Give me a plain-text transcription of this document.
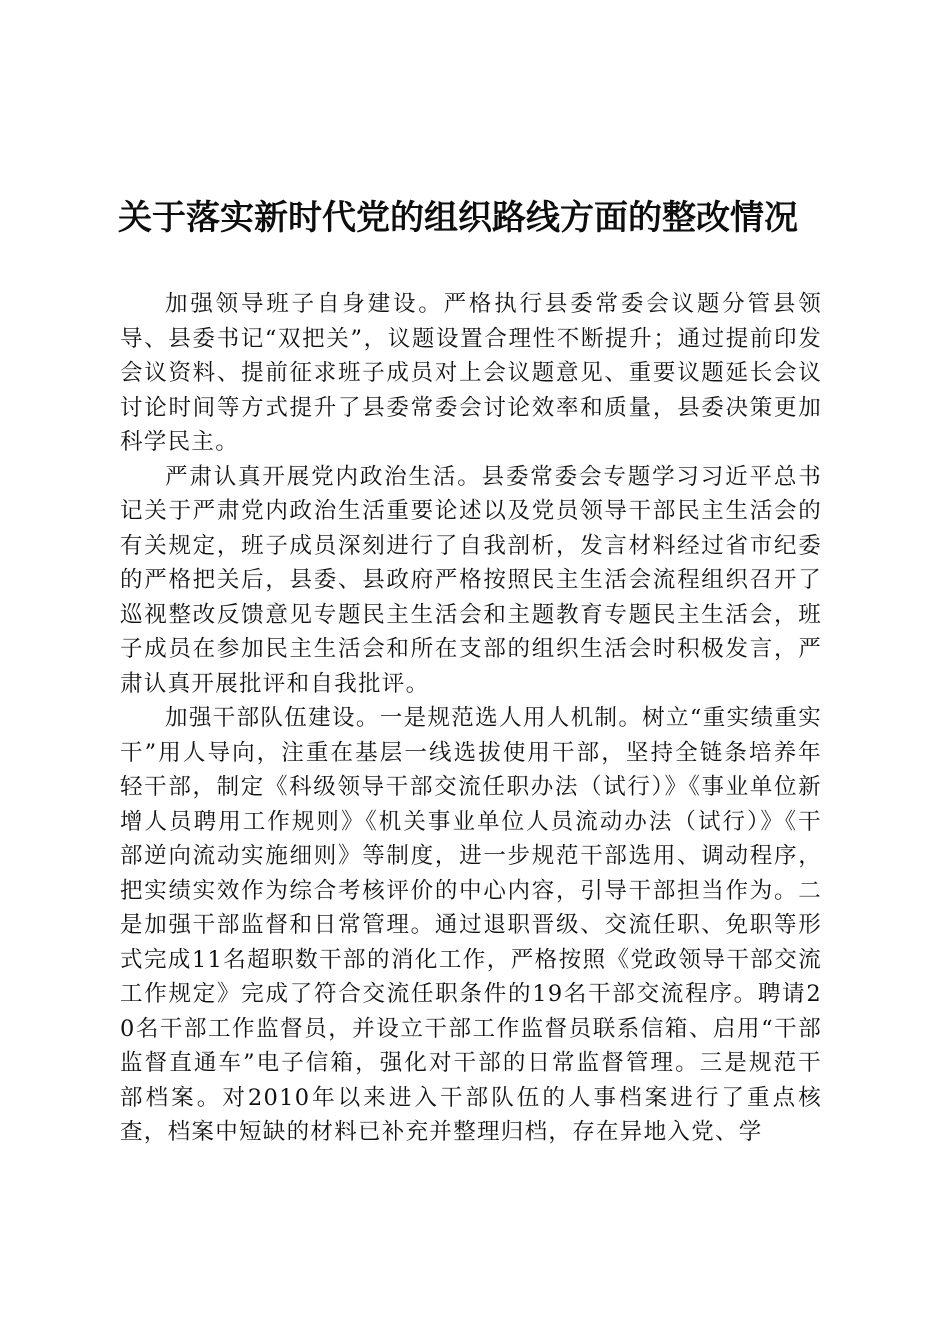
关于落实新时代党的组织路线方面的整改情况

加强领导班子自身建设。严格执行县委常委会议题分管县领导、县委书记“双把关”，议题设置合理性不断提升；通过提前印发会议资料、提前征求班子成员对上会议题意见、重要议题延长会议讨论时间等方式提升了县委常委会讨论效率和质量，县委决策更加科学民主。

严肃认真开展党内政治生活。县委常委会专题学习习近平总书记关于严肃党内政治生活重要论述以及党员领导干部民主生活会的有关规定，班子成员深刻进行了自我剖析，发言材料经过省市纪委的严格把关后，县委、县政府严格按照民主生活会流程组织召开了巡视整改反馈意见专题民主生活会和主题教育专题民主生活会，班子成员在参加民主生活会和所在支部的组织生活会时积极发言，严肃认真开展批评和自我批评。

加强干部队伍建设。一是规范选人用人机制。树立“重实绩重实干”用人导向，注重在基层一线选拔使用干部，坚持全链条培养年轻干部，制定《科级领导干部交流任职办法（试行）》《事业单位新增人员聘用工作规则》《机关事业单位人员流动办法（试行）》《干部逆向流动实施细则》等制度，进一步规范干部选用、调动程序，把实绩实效作为综合考核评价的中心内容，引导干部担当作为。二是加强干部监督和日常管理。通过退职晋级、交流任职、免职等形式完成11名超职数干部的消化工作，严格按照《党政领导干部交流工作规定》完成了符合交流任职条件的19名干部交流程序。聘请20名干部工作监督员，并设立干部工作监督员联系信箱、启用“干部监督直通车”电子信箱，强化对干部的日常监督管理。三是规范干部档案。对2010年以来进入干部队伍的人事档案进行了重点核查，档案中短缺的材料已补充并整理归档，存在异地入党、学
